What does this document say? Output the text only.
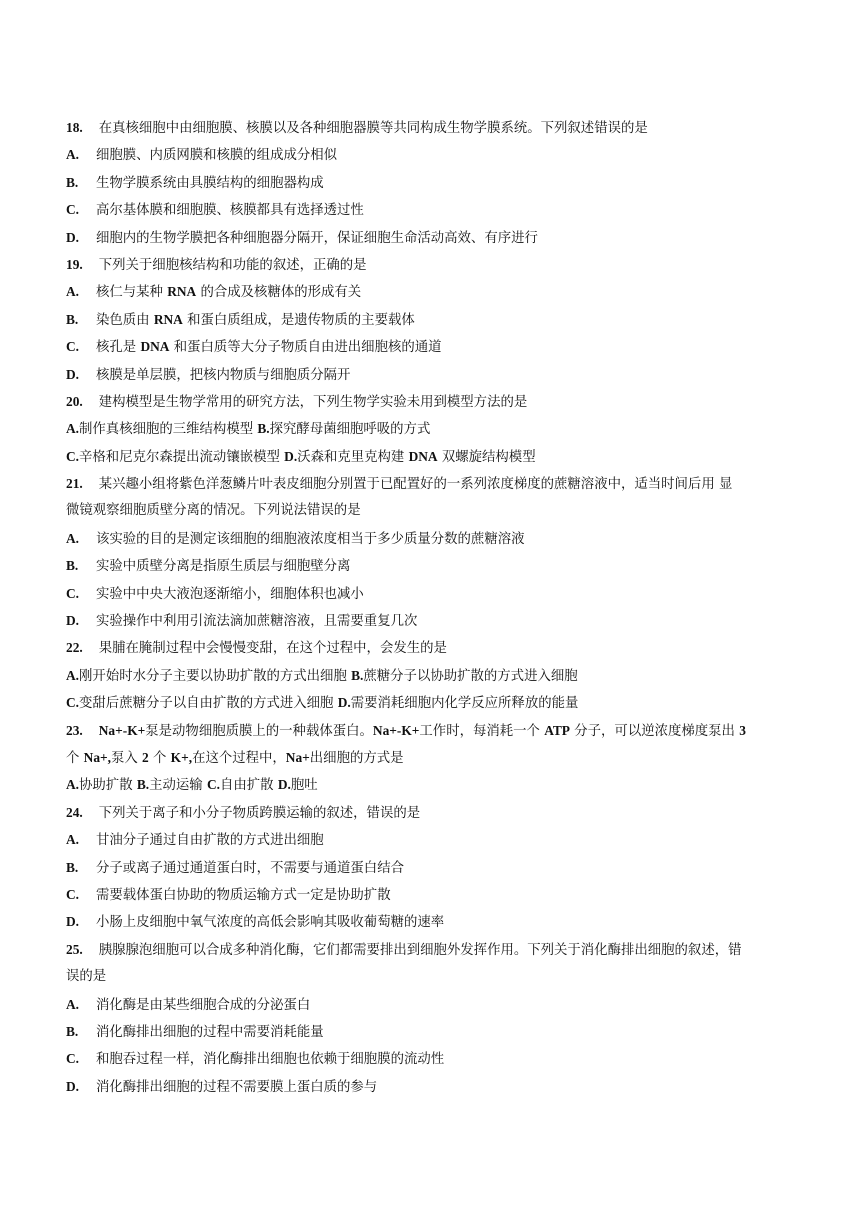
18. 在真核细胞中由细胞膜、核膜以及各种细胞器膜等共同构成生物学膜系统。下列叙述错误的是
A. 细胞膜、内质网膜和核膜的组成成分相似
B. 生物学膜系统由具膜结构的细胞器构成
C. 高尔基体膜和细胞膜、核膜都具有选择透过性
D. 细胞内的生物学膜把各种细胞器分隔开，保证细胞生命活动高效、有序进行
19. 下列关于细胞核结构和功能的叙述，正确的是
A. 核仁与某种 RNA 的合成及核糖体的形成有关
B. 染色质由 RNA 和蛋白质组成，是遗传物质的主要载体
C. 核孔是 DNA 和蛋白质等大分子物质自由进出细胞核的通道
D. 核膜是单层膜，把核内物质与细胞质分隔开
20. 建构模型是生物学常用的研究方法，下列生物学实验未用到模型方法的是
A.制作真核细胞的三维结构模型 B.探究酵母菌细胞呼吸的方式
C.辛格和尼克尔森提出流动镶嵌模型 D.沃森和克里克构建 DNA 双螺旋结构模型
21. 某兴趣小组将紫色洋葱鳞片叶表皮细胞分别置于已配置好的一系列浓度梯度的蔗糖溶液中，适当时间后用 显
微镜观察细胞质壁分离的情况。下列说法错误的是
A. 该实验的目的是测定该细胞的细胞液浓度相当于多少质量分数的蔗糖溶液
B. 实验中质壁分离是指原生质层与细胞壁分离
C. 实验中中央大液泡逐渐缩小，细胞体积也减小
D. 实验操作中利用引流法滴加蔗糖溶液，且需要重复几次
22. 果脯在腌制过程中会慢慢变甜，在这个过程中，会发生的是
A.刚开始时水分子主要以协助扩散的方式出细胞 B.蔗糖分子以协助扩散的方式进入细胞
C.变甜后蔗糖分子以自由扩散的方式进入细胞 D.需要消耗细胞内化学反应所释放的能量
23. Na+-K+泵是动物细胞质膜上的一种载体蛋白。Na+-K+工作时，每消耗一个 ATP 分子，可以逆浓度梯度泵出 3
个 Na+,泵入 2 个 K+,在这个过程中，Na+出细胞的方式是
A.协助扩散 B.主动运输 C.自由扩散 D.胞吐
24. 下列关于离子和小分子物质跨膜运输的叙述，错误的是
A. 甘油分子通过自由扩散的方式进出细胞
B. 分子或离子通过通道蛋白时，不需要与通道蛋白结合
C. 需要载体蛋白协助的物质运输方式一定是协助扩散
D. 小肠上皮细胞中氧气浓度的高低会影响其吸收葡萄糖的速率
25. 胰腺腺泡细胞可以合成多种消化酶，它们都需要排出到细胞外发挥作用。下列关于消化酶排出细胞的叙述，错
误的是
A. 消化酶是由某些细胞合成的分泌蛋白
B. 消化酶排出细胞的过程中需要消耗能量
C. 和胞吞过程一样，消化酶排出细胞也依赖于细胞膜的流动性
D. 消化酶排出细胞的过程不需要膜上蛋白质的参与
